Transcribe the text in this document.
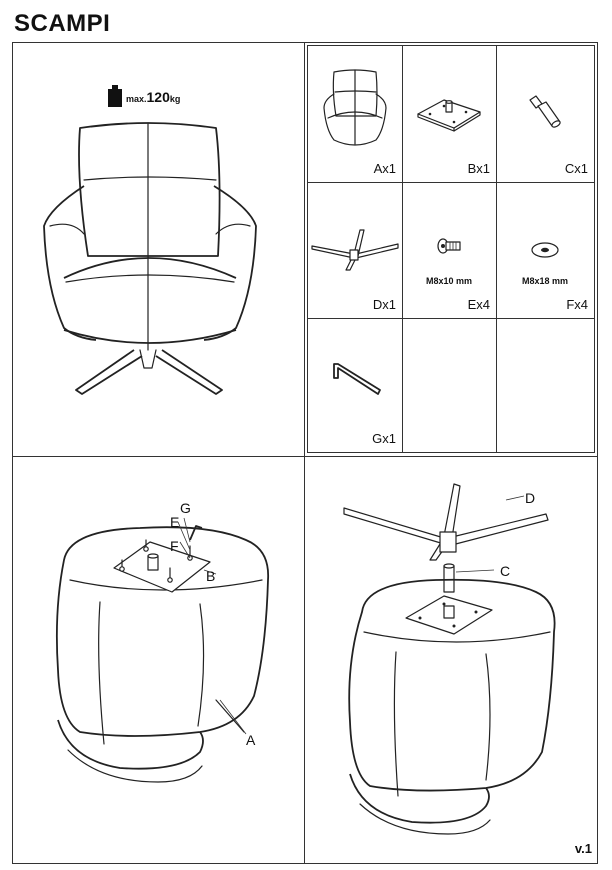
SCAMPI
max.120kg
Ax1	Bx1	Cx1
Dx1
M8x10 mm
Ex4
M8x18 mm
Fx4
Gx1
G
E
F
B
A
D
C
v.1
